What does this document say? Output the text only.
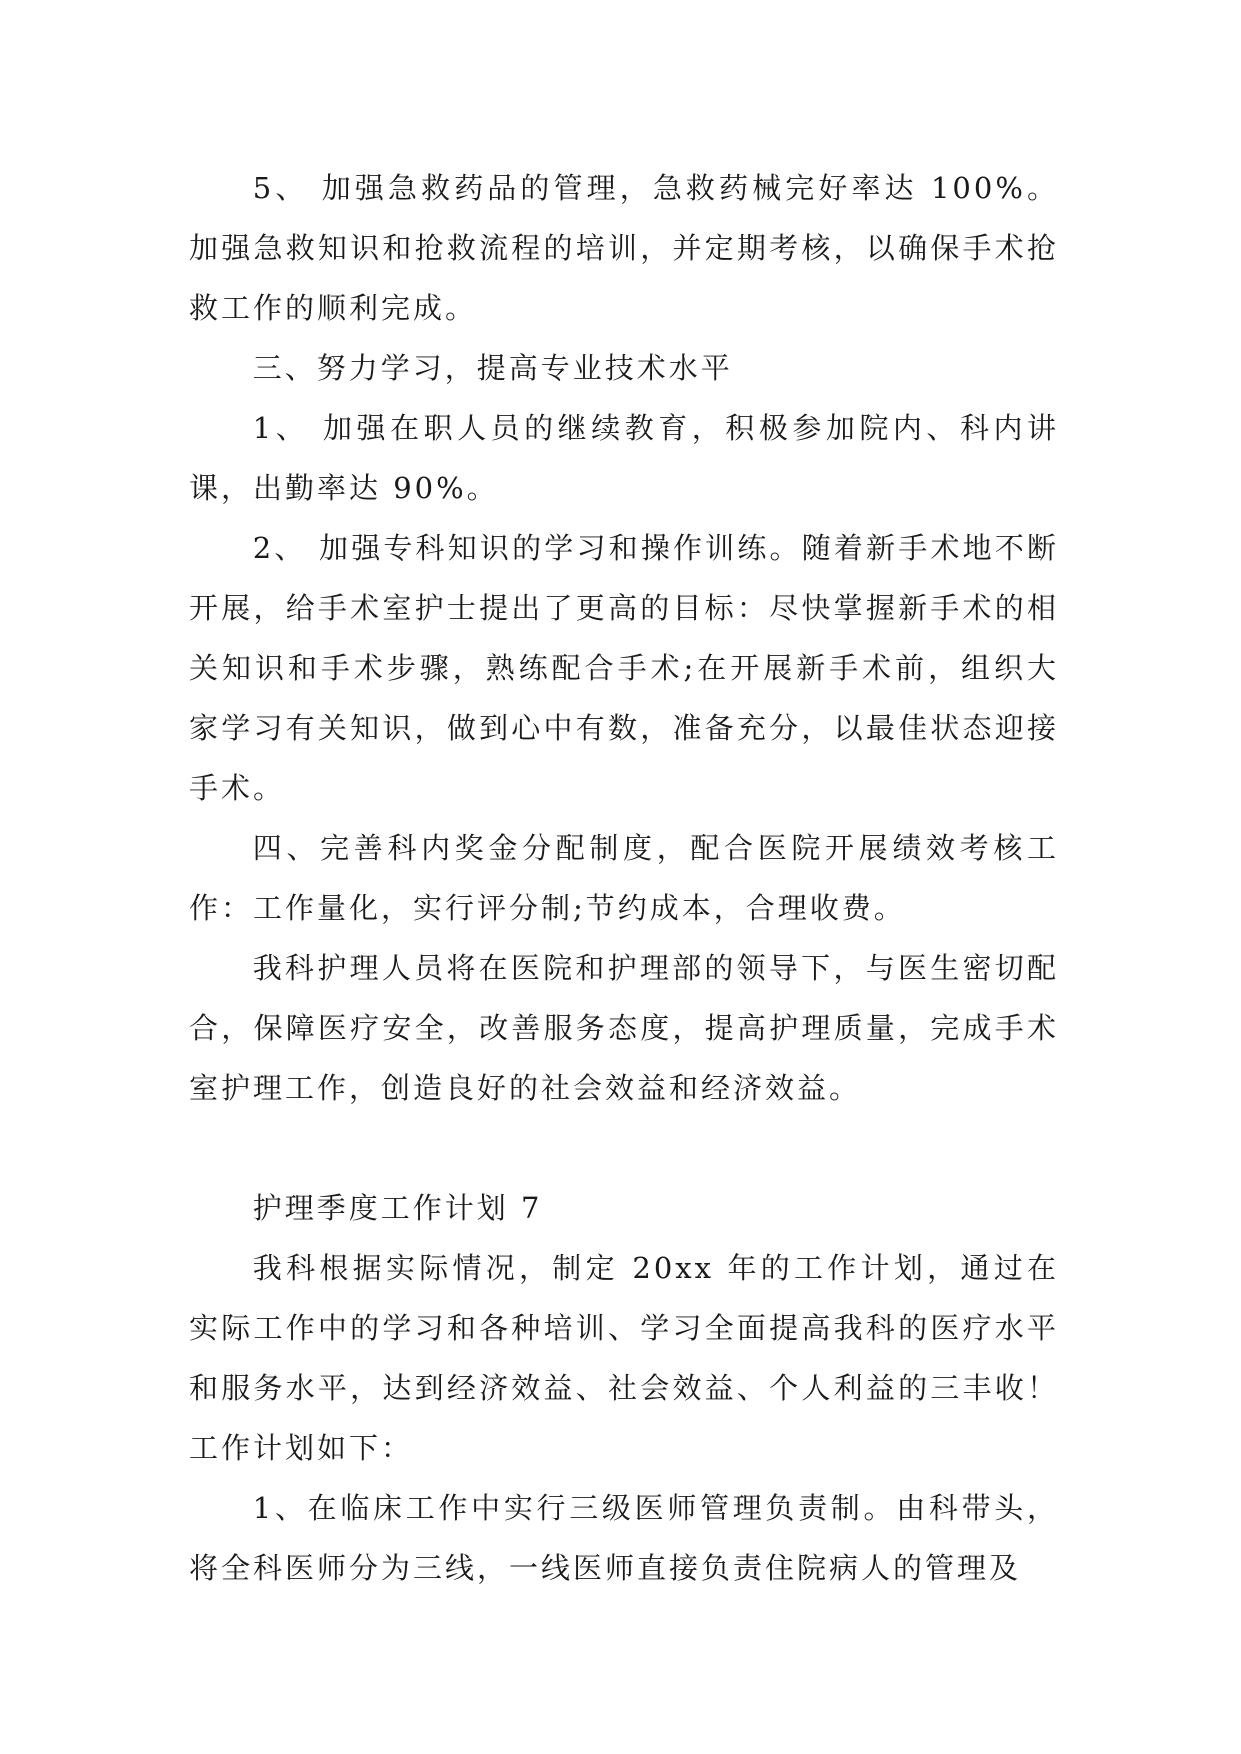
5、 加强急救药品的管理，急救药械完好率达 100%。加强急救知识和抢救流程的培训，并定期考核，以确保手术抢救工作的顺利完成。

三、努力学习，提高专业技术水平

1、 加强在职人员的继续教育，积极参加院内、科内讲课，出勤率达 90%。

2、 加强专科知识的学习和操作训练。随着新手术地不断开展，给手术室护士提出了更高的目标：尽快掌握新手术的相关知识和手术步骤，熟练配合手术;在开展新手术前，组织大家学习有关知识，做到心中有数，准备充分，以最佳状态迎接手术。

四、完善科内奖金分配制度，配合医院开展绩效考核工作：工作量化，实行评分制;节约成本，合理收费。

我科护理人员将在医院和护理部的领导下，与医生密切配合，保障医疗安全，改善服务态度，提高护理质量，完成手术室护理工作，创造良好的社会效益和经济效益。

护理季度工作计划 7

我科根据实际情况，制定 20xx 年的工作计划，通过在实际工作中的学习和各种培训、学习全面提高我科的医疗水平和服务水平，达到经济效益、社会效益、个人利益的三丰收！工作计划如下：

1、在临床工作中实行三级医师管理负责制。由科带头，将全科医师分为三线，一线医师直接负责住院病人的管理及
